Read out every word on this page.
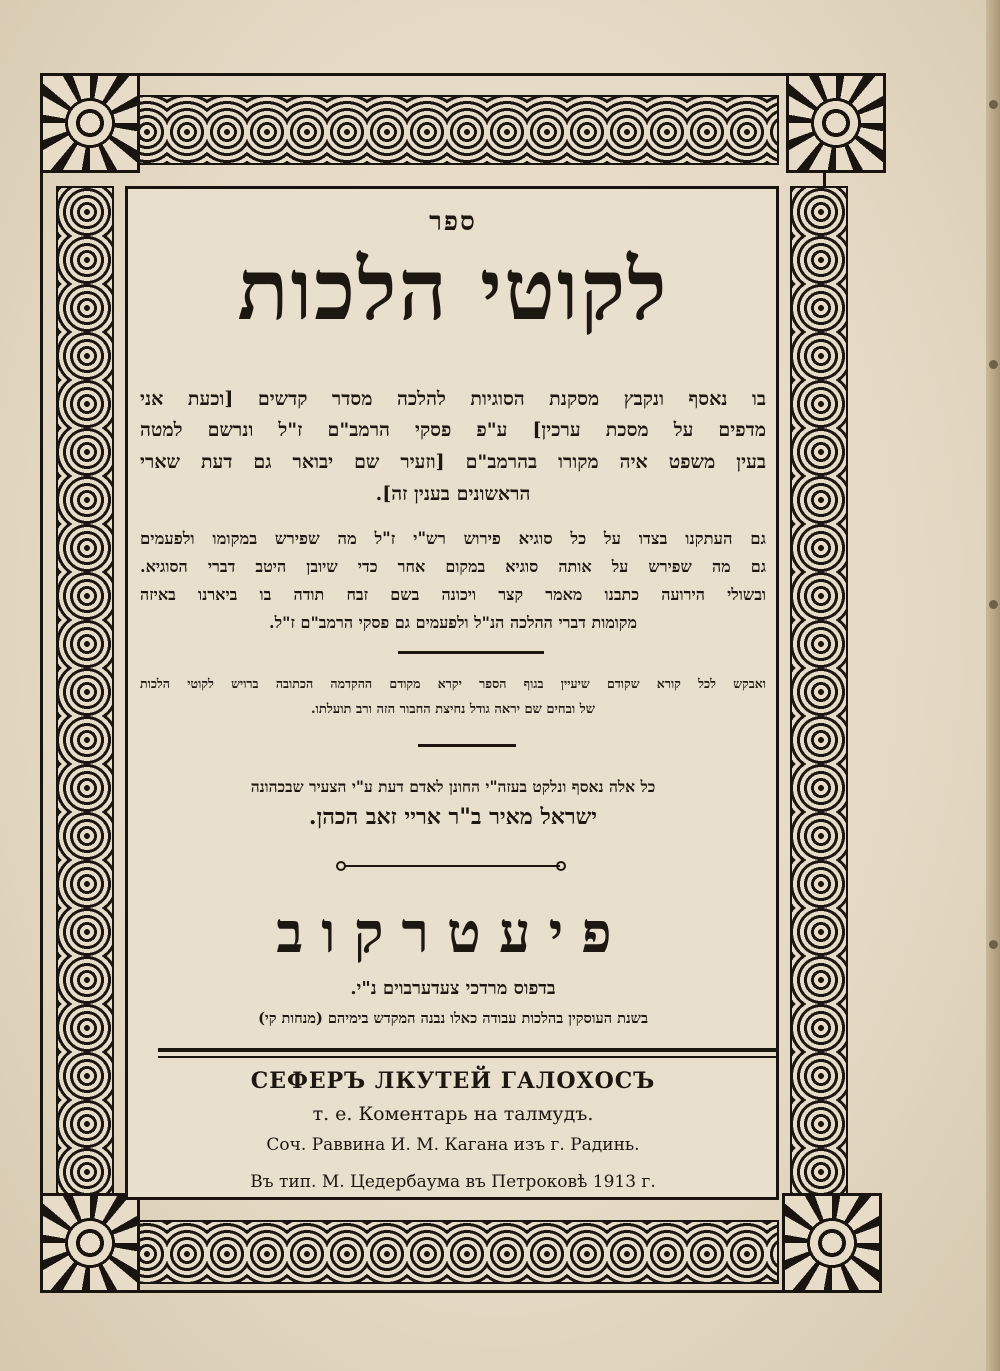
ספר
לקוטי הלכות
בו נאסף ונקבץ מסקנת הסוגיות להלכה מסדר קדשים [וכעת אני
מדפים על מסכת ערכין] ע"פ פסקי הרמב"ם ז"ל ונרשם למטה
בעין משפט איה מקורו בהרמב"ם [וזעיר שם יבואר גם דעת שארי
הראשונים בענין זה].
גם העתקנו בצדו על כל סוגיא פירוש רש"י ז"ל מה שפירש במקומו ולפעמים
גם מה שפירש על אותה סוגיא במקום אחר כדי שיובן היטב דברי הסוגיא.
ובשולי הירועה כתבנו מאמר קצר ויכונה בשם זבח תודה בו ביארנו באיזה
מקומות דברי ההלכה הנ"ל ולפעמים גם פסקי הרמב"ם ז"ל.
ואבקש לכל קורא שקודם שיעיין בגוף הספר יקרא מקודם ההקדמה הכתובה ברויש לקוטי הלכות
של ובחים שם יראה גודל נחיצת החבור הזה ורב תועלתו.
כל אלה נאסף ונלקט בעזה"י החונן לאדם דעת ע"י הצעיר שבכהונה
ישראל מאיר ב"ר אריי זאב הכהן.
פיעטרקוב
בדפוס מרדכי צעדערבוים נ"י.
בשנת העוסקין בהלכות עבודה כאלו נבנה המקדש בימיהם (מנחות קי)
СЕФЕРЪ ЛКУТЕЙ ГАЛОХОСЪ
т. е. Коментарь на талмудъ.
Соч. Раввина И. М. Кагана изъ г. Радинь.
Въ тип. М. Цедербаума въ Петроковѣ 1913 г.
